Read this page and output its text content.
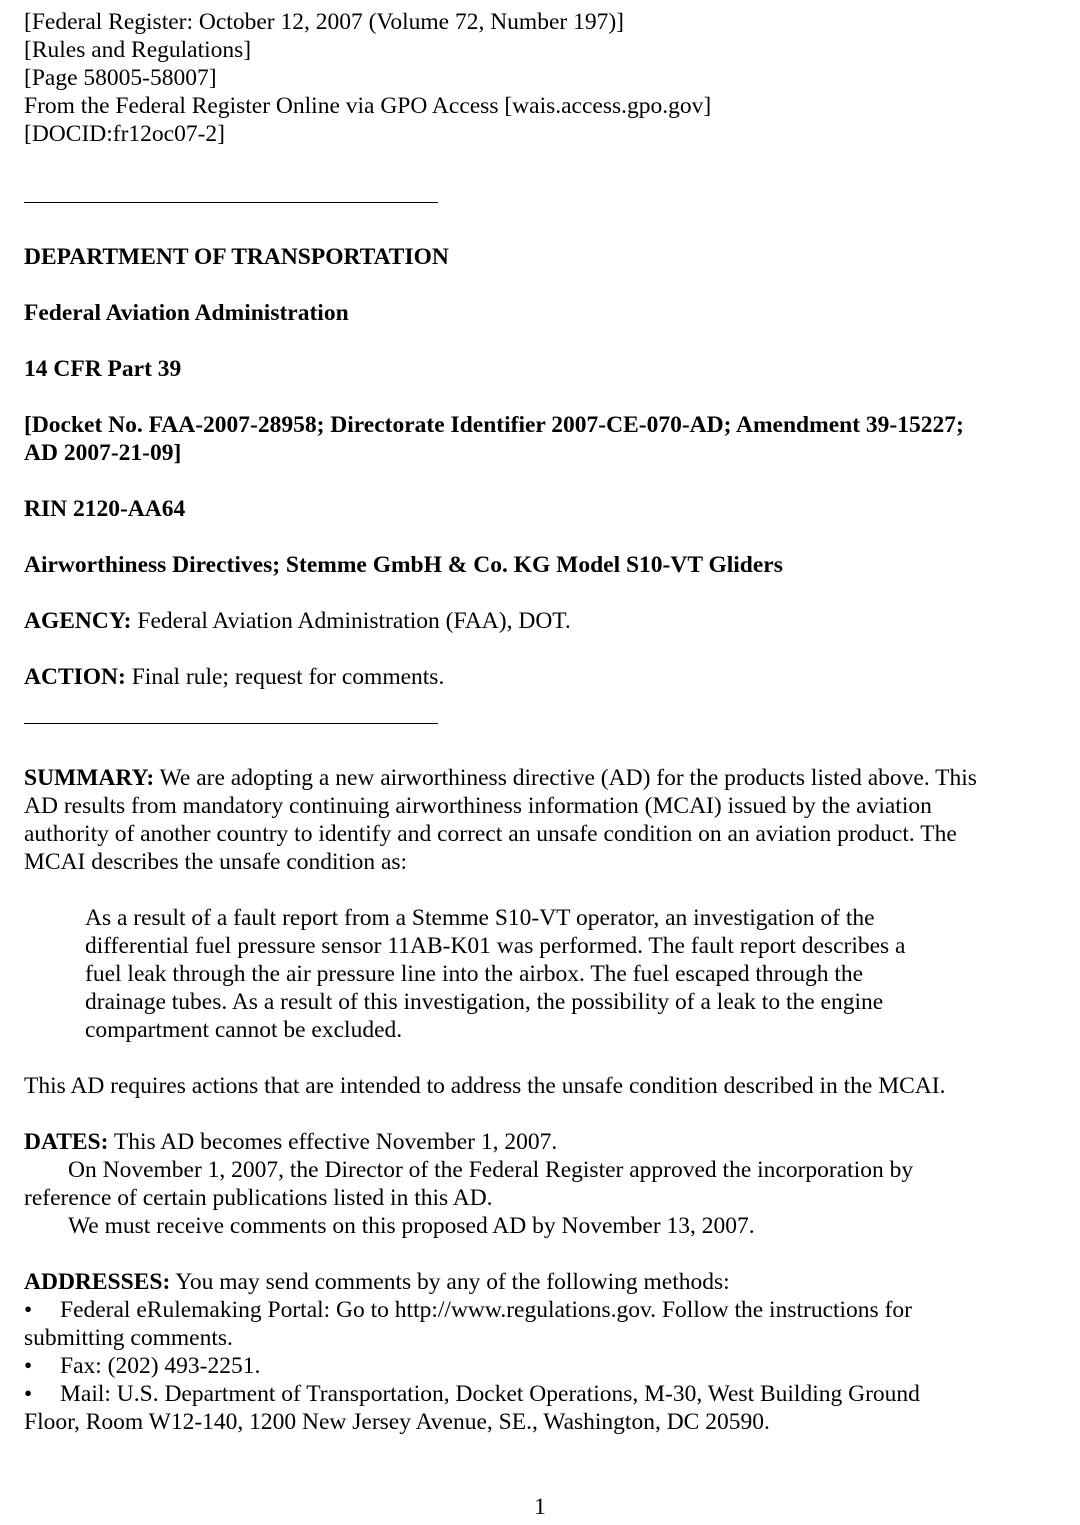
[Federal Register: October 12, 2007 (Volume 72, Number 197)]
[Rules and Regulations]
[Page 58005-58007]
From the Federal Register Online via GPO Access [wais.access.gpo.gov]
[DOCID:fr12oc07-2]
DEPARTMENT OF TRANSPORTATION
Federal Aviation Administration
14 CFR Part 39
[Docket No. FAA-2007-28958; Directorate Identifier 2007-CE-070-AD; Amendment 39-15227;
AD 2007-21-09]
RIN 2120-AA64
Airworthiness Directives; Stemme GmbH & Co. KG Model S10-VT Gliders
AGENCY: Federal Aviation Administration (FAA), DOT.
ACTION: Final rule; request for comments.
SUMMARY: We are adopting a new airworthiness directive (AD) for the products listed above. This
AD results from mandatory continuing airworthiness information (MCAI) issued by the aviation
authority of another country to identify and correct an unsafe condition on an aviation product. The
MCAI describes the unsafe condition as:
As a result of a fault report from a Stemme S10-VT operator, an investigation of the
differential fuel pressure sensor 11AB-K01 was performed. The fault report describes a
fuel leak through the air pressure line into the airbox. The fuel escaped through the
drainage tubes. As a result of this investigation, the possibility of a leak to the engine
compartment cannot be excluded.
This AD requires actions that are intended to address the unsafe condition described in the MCAI.
DATES: This AD becomes effective November 1, 2007.
On November 1, 2007, the Director of the Federal Register approved the incorporation by
reference of certain publications listed in this AD.
We must receive comments on this proposed AD by November 13, 2007.
ADDRESSES: You may send comments by any of the following methods:
• Federal eRulemaking Portal: Go to http://www.regulations.gov. Follow the instructions for
submitting comments.
• Fax: (202) 493-2251.
• Mail: U.S. Department of Transportation, Docket Operations, M-30, West Building Ground
Floor, Room W12-140, 1200 New Jersey Avenue, SE., Washington, DC 20590.
1
